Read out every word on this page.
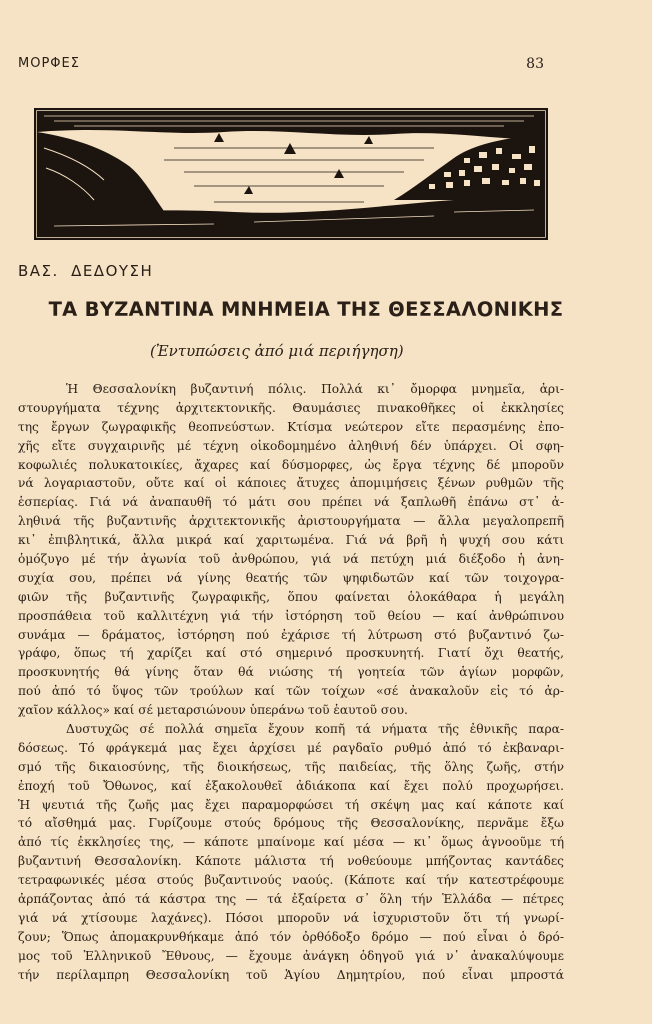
ΜΟΡΦΕΣ	83
ΒΑΣ. ΔΕΔΟΥΣΗ
ΤΑ ΒΥΖΑΝΤΙΝΑ ΜΝΗΜΕΙΑ ΤΗΣ ΘΕΣΣΑΛΟΝΙΚΗΣ
(Ἐντυπώσεις ἀπό μιά περιήγηση)
Ἡ Θεσσαλονίκη βυζαντινή πόλις. Πολλά κι᾿ ὄμορφα μνημεῖα, ἀρι-
στουργήματα τέχνης ἀρχιτεκτονικῆς. Θαυμάσιες πινακοθῆκες οἱ ἐκκλησίες
της ἔργων ζωγραφικῆς θεοπνεύστων. Κτίσμα νεώτερον εἴτε περασμένης ἐπο-
χῆς εἴτε συγχαιρινῆς μέ τέχνη οἰκοδομημένο ἀληθινή δέν ὑπάρχει. Οἱ σφη-
κοφωλιές πολυκατοικίες, ἄχαρες καί δύσμορφες, ὡς ἔργα τέχνης δέ μποροῦν
νά λογαριαστοῦν, οὔτε καί οἱ κάποιες ἄτυχες ἀπομιμήσεις ξένων ρυθμῶν τῆς
ἑσπερίας. Γιά νά ἀναπαυθῆ τό μάτι σου πρέπει νά ξαπλωθῆ ἐπάνω στ᾿ ἀ-
ληθινά τῆς βυζαντινῆς ἀρχιτεκτονικῆς ἀριστουργήματα — ἄλλα μεγαλοπρεπῆ
κι᾿ ἐπιβλητικά, ἄλλα μικρά καί χαριτωμένα. Γιά νά βρῆ ἡ ψυχή σου κάτι
ὁμόζυγο μέ τήν ἀγωνία τοῦ ἀνθρώπου, γιά νά πετύχη μιά διέξοδο ἡ ἀνη-
συχία σου, πρέπει νά γίνης θεατής τῶν ψηφιδωτῶν καί τῶν τοιχογρα-
φιῶν τῆς βυζαντινῆς ζωγραφικῆς, ὅπου φαίνεται ὁλοκάθαρα ἡ μεγάλη
προσπάθεια τοῦ καλλιτέχνη γιά τήν ἰστόρηση τοῦ θείου — καί ἀνθρώπινου
συνάμα — δράματος, ἰστόρηση πού ἐχάρισε τή λύτρωση στό βυζαντινό ζω-
γράφο, ὅπως τή χαρίζει καί στό σημερινό προσκυνητή. Γιατί ὄχι θεατής,
προσκυνητής θά γίνης ὅταν θά νιώσης τή γοητεία τῶν ἁγίων μορφῶν,
πού ἀπό τό ὕψος τῶν τρούλων καί τῶν τοίχων «σέ ἀνακαλοῦν εἰς τό ἀρ-
χαῖον κάλλος» καί σέ μεταρσιώνουν ὑπεράνω τοῦ ἑαυτοῦ σου.
Δυστυχῶς σέ πολλά σημεῖα ἔχουν κοπῆ τά νήματα τῆς ἐθνικῆς παρα-
δόσεως. Τό φράγκεμά μας ἔχει ἀρχίσει μέ ραγδαῖο ρυθμό ἀπό τό ἐκβαναρι-
σμό τῆς δικαιοσύνης, τῆς διοικήσεως, τῆς παιδείας, τῆς ὅλης ζωῆς, στήν
ἐποχή τοῦ Ὄθωνος, καί ἐξακολουθεῖ ἀδιάκοπα καί ἔχει πολύ προχωρήσει.
Ἡ ψευτιά τῆς ζωῆς μας ἔχει παραμορφώσει τή σκέψη μας καί κάποτε καί
τό αἴσθημά μας. Γυρίζουμε στούς δρόμους τῆς Θεσσαλονίκης, περνᾶμε ἔξω
ἀπό τίς ἐκκλησίες της, — κάποτε μπαίνομε καί μέσα — κι᾿ ὅμως ἀγνοοῦμε τή
βυζαντινή Θεσσαλονίκη. Κάποτε μάλιστα τή νοθεύουμε μπήζοντας καντάδες
τετραφωνικές μέσα στούς βυζαντινούς ναούς. (Κάποτε καί τήν κατεστρέφουμε
ἀρπάζοντας ἀπό τά κάστρα της — τά ἐξαίρετα σ᾿ ὅλη τήν Ἑλλάδα — πέτρες
γιά νά χτίσουμε λαχάνες). Πόσοι μποροῦν νά ἰσχυριστοῦν ὅτι τή γνωρί-
ζουν; Ὅπως ἀπομακρυνθήκαμε ἀπό τόν ὀρθόδοξο δρόμο — πού εἶναι ὁ δρό-
μος τοῦ Ἑλληνικοῦ Ἔθνους, — ἔχουμε ἀνάγκη ὁδηγοῦ γιά ν᾿ ἀνακαλύψουμε
τήν περίλαμπρη Θεσσαλονίκη τοῦ Ἁγίου Δημητρίου, πού εἶναι μπροστά
